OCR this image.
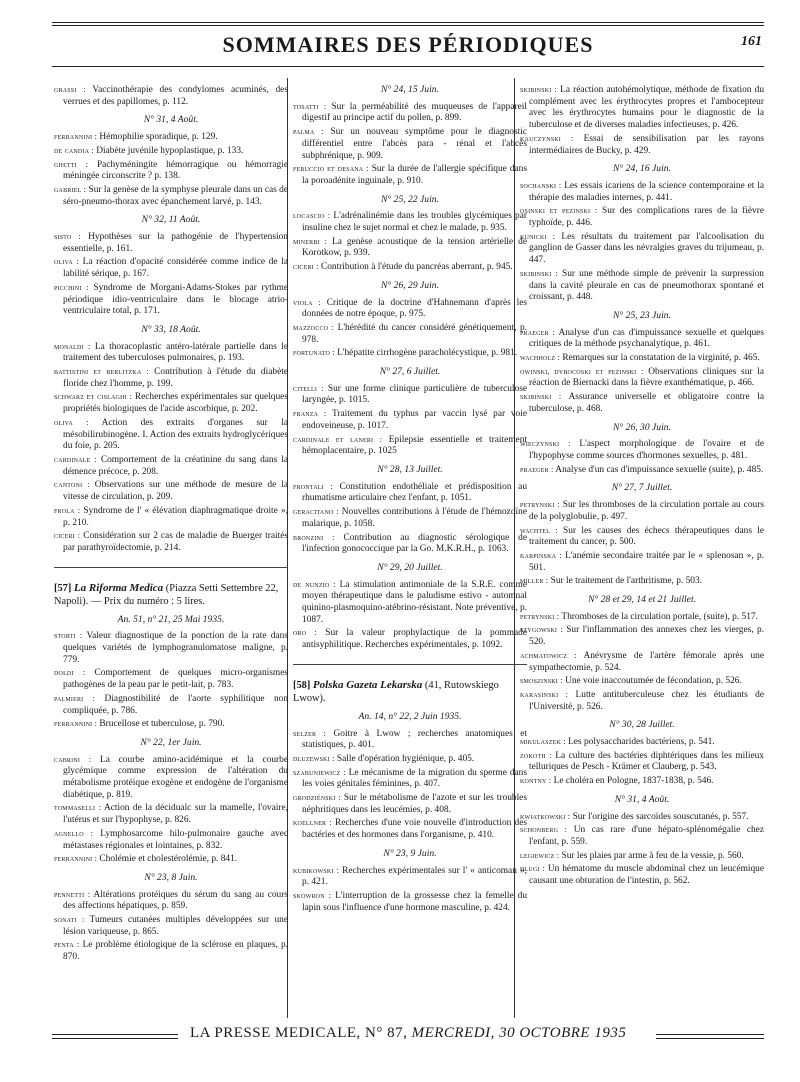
SOMMAIRES DES PÉRIODIQUES	161
grassi : Vaccinothérapie des condylomes acuminés, des verrues et des papillomes, p. 112.
N° 31, 4 Août.
ferrannini : Hémophilie sporadique, p. 129.
de candia : Diabète juvénile hypoplastique, p. 133.
ghetti : Pachyméningite hémorragique ou hémorragie méningée circonscrite ? p. 138.
gabriel : Sur la genèse de la symphyse pleurale dans un cas de séro-pneumo-thorax avec épanchement larvé, p. 143.
N° 32, 11 Août.
sisto : Hypothèses sur la pathogénie de l'hypertension essentielle, p. 161.
oliva : La réaction d'opacité considérée comme indice de la labilité sérique, p. 167.
picchini : Syndrome de Morgani-Adams-Stokes par rythme périodique idio-ventriculaire dans le blocage atrio-ventriculaire total, p. 171.
N° 33, 18 Août.
monaldi : La thoracoplastic antéro-latérale partielle dans le traitement des tuberculoses pulmonaires, p. 193.
battistini et berlitzka : Contribution à l'étude du diabète floride chez l'homme, p. 199.
schwarz et cislaghi : Recherches expérimentales sur quelques propriétés biologiques de l'acide ascorbique, p. 202.
oliva : Action des extraits d'organes sur la mésobilirubinogène. I. Action des extraits hydroglycériques du foie, p. 205.
cardinale : Comportement de la créatinine du sang dans la démence précoce, p. 208.
cantoni : Observations sur une méthode de mesure de la vitesse de circulation, p. 209.
frola : Syndrome de l' « élévation diaphragmatique droite », p. 210.
ciceri : Considération sur 2 cas de maladie de Buerger traités par parathyroïdectomie, p. 214.
[57] La Riforma Medica (Piazza Setti Settembre 22, Napoli). — Prix du numéro : 5 lires.
An. 51, n° 21, 25 Mai 1935.
storti : Valeur diagnostique de la ponction de la rate dans quelques variétés de lymphogranulomatose maligne, p. 779.
doldi : Comportement de quelques micro-organismes pathogènes de la peau par le petit-lait, p. 783.
palmieri : Diagnostibilité de l'aorte syphilitique non compliquée, p. 786.
ferrannini : Brucellose et tuberculose, p. 790.
N° 22, 1er Juin.
cabrini : La courbe amino-acidémique et la courbe glycémique comme expression de l'altération du métabolisme protéique exogène et endogène de l'organisme diabétique, p. 819.
tommaselli : Action de la décidualc sur la mamelle, l'ovaire, l'utérus et sur l'hypophyse, p. 826.
agnello : Lymphosarcome hilo-pulmonaire gauche avec métastases régionales et lointaines, p. 832.
ferrannini : Cholémie et cholestérolémie, p. 841.
N° 23, 8 Juin.
pennetti : Altérations protéiques du sérum du sang au cours des affections hépatiques, p. 859.
sonati : Tumeurs cutanées multiples développées sur une lésion variqueuse, p. 865.
penta : Le problème étiologique de la sclérose en plaques, p. 870.
N° 24, 15 Juin.
tosatti : Sur la perméabilité des muqueuses de l'appareil digestif au principe actif du pollen, p. 899.
palma : Sur un nouveau symptôme pour le diagnostic différentiel entre l'abcès para - rénal et l'abcès subphrénique, p. 909.
feruccio et desana : Sur la durée de l'allergie spécifique dans la poroadénite inguinale, p. 910.
N° 25, 22 Juin.
locascio : L'adrénalinémie dans les troubles glycémiques par insuline chez le sujet normal et chez le malade, p. 935.
minerbi : La genèse acoustique de la tension artérielle de Korotkow, p. 939.
ciceri : Contribution à l'étude du pancréas aberrant, p. 945.
N° 26, 29 Juin.
viola : Critique de la doctrine d'Hahnemann d'après les données de notre époque, p. 975.
mazzocco : L'hérédité du cancer considéré génétiquement, p. 978.
fortunato : L'hépatite cirrhogène paracholécystique, p. 981.
N° 27, 6 Juillet.
citelli : Sur une forme clinique particulière de tuberculose laryngée, p. 1015.
franza : Traitement du typhus par vaccin lysé par voie endoveineuse, p. 1017.
cardinale et laneri : Epilepsie essentielle et traitement hémoplacentaire, p. 1025
N° 28, 13 Juillet.
frontali : Constitution endothéliale et prédisposition au rhumatisme articulaire chez l'enfant, p. 1051.
geracitano : Nouvelles contributions à l'étude de l'hémozoïne malarique, p. 1058.
bronzini : Contribution au diagnostic sérologique de l'infection gonococcique par la Go. M.K.R.H., p. 1063.
N° 29, 20 Juillet.
de nunzio : La stimulation antimoniale de la S.R.E. comme moyen thérapeutique dans le paludisme estivo - automnal quinino-plasmoquino-atébrino-résistant. Note préventive, p. 1087.
oro : Sur la valeur prophylactique de la pommade antisyphilitique. Recherches expérimentales, p. 1092.
[58] Polska Gazeta Lekarska (41, Rutowskiego Lwow).
An. 14, n° 22, 2 Juin 1935.
selzer : Goitre à Lwow ; recherches anatomiques et statistiques, p. 401.
dluzewski : Salle d'opération hygiénique, p. 405.
szabuniewicz : Le mécanisme de la migration du sperme dans les voies génitales féminines, p. 407.
grodziénski : Sur le métabolisme de l'azote et sur les troubles néphritiques dans les leucémies, p. 408.
koellner : Recherches d'une voie nouvelle d'introduction des bactéries et des hormones dans l'organisme, p. 410.
N° 23, 9 Juin.
kubikowski : Recherches expérimentales sur l' « anticoman », p. 421.
skowron : L'interruption de la grossesse chez la femelle du lapin sous l'influence d'une hormone masculine, p. 424.
skibinski : La réaction autohémolytique, méthode de fixation du complément avec les érythrocytes propres et l'ambocepteur avec les érythrocytes humains pour le diagnostic de la tuberculose et de diverses maladies infectieuses, p. 426.
kauczynski : Essai de sensibilisation par les rayons intermédiaires de Bucky, p. 429.
N° 24, 16 Juin.
sochanski : Les essais icariens de la science contemporaine et la thérapie des maladies internes, p. 441.
osinski et pezinski : Sur des complications rares de la fièvre typhoïde, p. 446.
kunicki : Les résultats du traitement par l'alcoolisation du ganglion de Gasser dans les névralgies graves du trijumeau, p. 447.
skibinski : Sur une méthode simple de prévenir la surpression dans la cavité pleurale en cas de pneumothorax spontané et croissant, p. 448.
N° 25, 23 Juin.
praeger : Analyse d'un cas d'impuissance sexuelle et quelques critiques de la méthode psychanalytique, p. 461.
wachholz : Remarques sur la constatation de la virginité, p. 465.
owinski, dybocoski et pezinski : Observations cliniques sur la réaction de Biernacki dans la fièvre exanthématique, p. 466.
skibinski : Assurance universelle et obligatoire contre la tuberculose, p. 468.
N° 26, 30 Juin.
wieczynski : L'aspect morphologique de l'ovaire et de l'hypophyse comme sources d'hormones sexuelles, p. 481.
praeger : Analyse d'un cas d'impuissance sexuelle (suite), p. 485.
N° 27, 7 Juillet.
petrynski : Sur les thromboses de la circulation portale au cours de la polyglobulie, p. 497.
wachtel : Sur les causes des échecs thérapeutiques dans le traitement du cancer, p. 500.
karpinska : L'anémie secondaire traitée par le « splenosan », p. 501.
miller : Sur le traitement de l'arthritisme, p. 503.
N° 28 et 29, 14 et 21 Juillet.
petrynski : Thromboses de la circulation portale, (suite), p. 517.
szygowski : Sur l'inflammation des annexes chez les vierges, p. 520.
achmatowicz : Anévrysme de l'artère fémorale après une sympathectomie, p. 524.
smoszinski : Une voie inaccoutumée de fécondation, p. 526.
karasinski : Lutte antituberculeuse chez les étudiants de l'Université, p. 526.
N° 30, 28 Juillet.
mikulaszek : Les polysaccharides bactériens, p. 541.
zokoth : La culture des bactéries diphtériques dans les milieux telluriques de Pesch - Krämer et Clauberg, p. 543.
kontny : Le choléra en Pologne, 1837-1838, p. 546.
N° 31, 4 Août.
kwiatkowski : Sur l'origine des sarcoïdes souscutanés, p. 557.
schonberg : Un cas rare d'une hépato-splénomégalie chez l'enfant, p. 559.
legiewicz : Sur les plaies par arme à feu de la vessie, p. 560.
dlugi : Un hématome du muscle abdominal chez un leucémique causant une obturation de l'intestin, p. 562.
LA PRESSE MEDICALE, N° 87, MERCREDI, 30 OCTOBRE 1935
